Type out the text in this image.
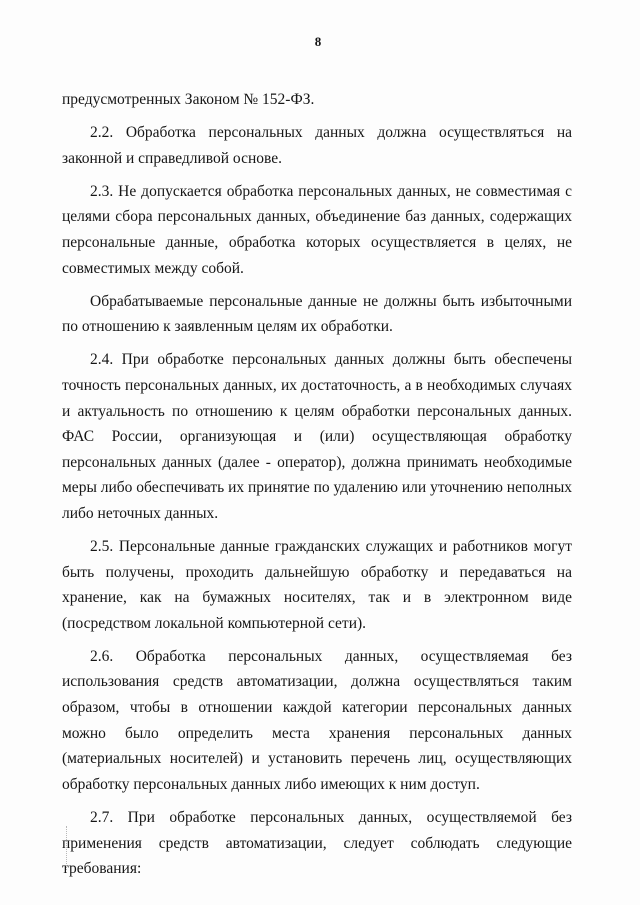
8

предусмотренных Законом № 152-ФЗ.

2.2. Обработка персональных данных должна осуществляться на законной и справедливой основе.

2.3. Не допускается обработка персональных данных, не совместимая с целями сбора персональных данных, объединение баз данных, содержащих персональные данные, обработка которых осуществляется в целях, не совместимых между собой.

Обрабатываемые персональные данные не должны быть избыточными по отношению к заявленным целям их обработки.

2.4. При обработке персональных данных должны быть обеспечены точность персональных данных, их достаточность, а в необходимых случаях и актуальность по отношению к целям обработки персональных данных. ФАС России, организующая и (или) осуществляющая обработку персональных данных (далее - оператор), должна принимать необходимые меры либо обеспечивать их принятие по удалению или уточнению неполных либо неточных данных.

2.5. Персональные данные гражданских служащих и работников могут быть получены, проходить дальнейшую обработку и передаваться на хранение, как на бумажных носителях, так и в электронном виде (посредством локальной компьютерной сети).

2.6. Обработка персональных данных, осуществляемая без использования средств автоматизации, должна осуществляться таким образом, чтобы в отношении каждой категории персональных данных можно было определить места хранения персональных данных (материальных носителей) и установить перечень лиц, осуществляющих обработку персональных данных либо имеющих к ним доступ.

2.7. При обработке персональных данных, осуществляемой без применения средств автоматизации, следует соблюдать следующие требования:
